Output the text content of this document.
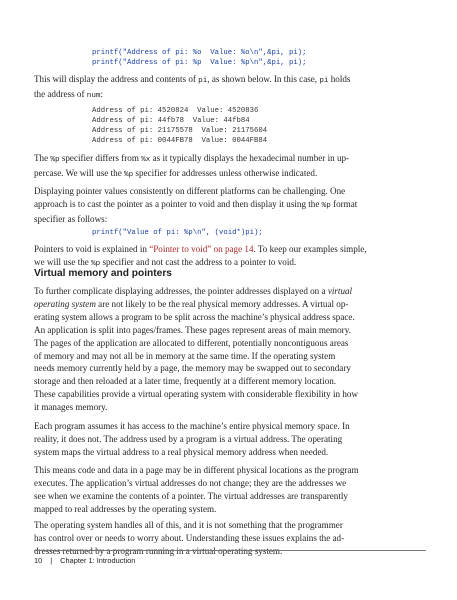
printf("Address of pi: %o  Value: %o\n",&pi, pi);
printf("Address of pi: %p  Value: %p\n",&pi, pi);

This will display the address and contents of pi, as shown below. In this case, pi holds
the address of num:

Address of pi: 4520824  Value: 4520836
Address of pi: 44fb78  Value: 44fb84
Address of pi: 21175578  Value: 21175604
Address of pi: 0044FB78  Value: 0044FB84

The %p specifier differs from %x as it typically displays the hexadecimal number in up-
percase. We will use the %p specifier for addresses unless otherwise indicated.

Displaying pointer values consistently on different platforms can be challenging. One
approach is to cast the pointer as a pointer to void and then display it using the %p format
specifier as follows:

printf("Value of pi: %p\n", (void*)pi);

Pointers to void is explained in “Pointer to void” on page 14. To keep our examples simple,
we will use the %p specifier and not cast the address to a pointer to void.

Virtual memory and pointers

To further complicate displaying addresses, the pointer addresses displayed on a virtual
operating system are not likely to be the real physical memory addresses. A virtual op-
erating system allows a program to be split across the machine’s physical address space.
An application is split into pages/frames. These pages represent areas of main memory.
The pages of the application are allocated to different, potentially noncontiguous areas
of memory and may not all be in memory at the same time. If the operating system
needs memory currently held by a page, the memory may be swapped out to secondary
storage and then reloaded at a later time, frequently at a different memory location.
These capabilities provide a virtual operating system with considerable flexibility in how
it manages memory.

Each program assumes it has access to the machine’s entire physical memory space. In
reality, it does not. The address used by a program is a virtual address. The operating
system maps the virtual address to a real physical memory address when needed.

This means code and data in a page may be in different physical locations as the program
executes. The application’s virtual addresses do not change; they are the addresses we
see when we examine the contents of a pointer. The virtual addresses are transparently
mapped to real addresses by the operating system.

The operating system handles all of this, and it is not something that the programmer
has control over or needs to worry about. Understanding these issues explains the ad-

10 | Chapter 1: Introduction
